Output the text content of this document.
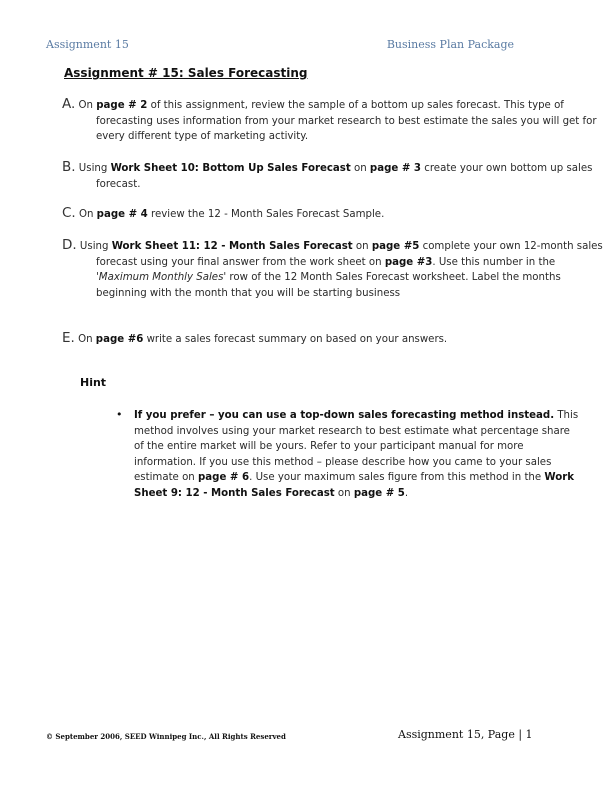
Assignment 15	Business Plan Package
Assignment # 15: Sales Forecasting
A. On page # 2 of this assignment, review the sample of a bottom up sales forecast. This type of forecasting uses information from your market research to best estimate the sales you will get for every different type of marketing activity.
B. Using Work Sheet 10: Bottom Up Sales Forecast on page # 3 create your own bottom up sales forecast.
C. On page # 4 review the 12 - Month Sales Forecast Sample.
D. Using Work Sheet 11: 12 - Month Sales Forecast on page #5 complete your own 12-month sales forecast using your final answer from the work sheet on page #3. Use this number in the 'Maximum Monthly Sales' row of the 12 Month Sales Forecast worksheet. Label the months beginning with the month that you will be starting business
E. On page #6 write a sales forecast summary on based on your answers.
Hint
•	If you prefer – you can use a top-down sales forecasting method instead. This method involves using your market research to best estimate what percentage share of the entire market will be yours. Refer to your participant manual for more information. If you use this method – please describe how you came to your sales estimate on page # 6. Use your maximum sales figure from this method in the Work Sheet 9: 12 - Month Sales Forecast on page # 5.
© September 2006, SEED Winnipeg Inc., All Rights Reserved	Assignment 15, Page | 1
